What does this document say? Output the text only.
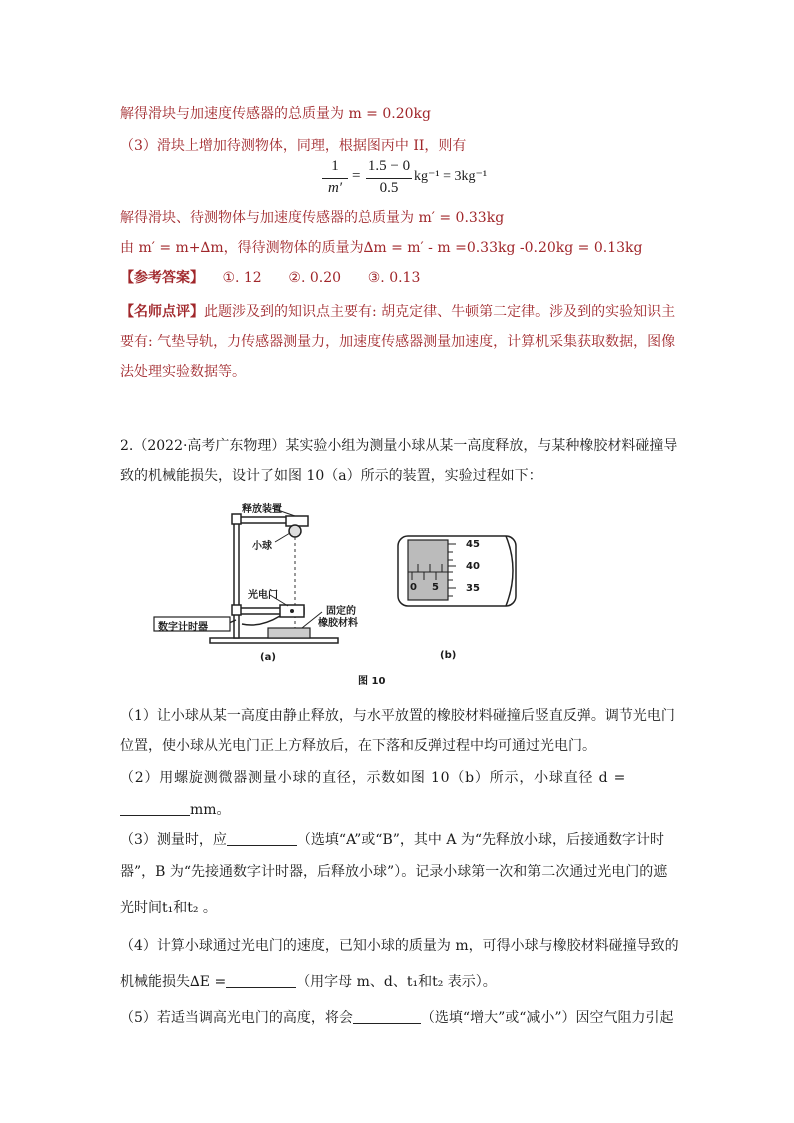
解得滑块与加速度传感器的总质量为 m = 0.20kg
（3）滑块上增加待测物体，同理，根据图丙中 II，则有
1
m′
=
1.5 − 0
0.5
kg⁻¹ = 3kg⁻¹
解得滑块、待测物体与加速度传感器的总质量为 m′ = 0.33kg
由 m′ = m+∆m，得待测物体的质量为∆m = m′ - m =0.33kg -0.20kg = 0.13kg
【参考答案】 ①. 12      ②. 0.20      ③. 0.13
【名师点评】此题涉及到的知识点主要有: 胡克定律、牛顿第二定律。涉及到的实验知识主
要有: 气垫导轨，力传感器测量力，加速度传感器测量加速度，计算机采集获取数据，图像
法处理实验数据等。
2.（2022·高考广东物理）某实验小组为测量小球从某一高度释放，与某种橡胶材料碰撞导
致的机械能损失，设计了如图 10（a）所示的装置，实验过程如下：
释放装置
小球
光电门
数字计时器
固定的
橡胶材料
(a)	(b)
图 10
45
40
35
0 5
（1）让小球从某一高度由静止释放，与水平放置的橡胶材料碰撞后竖直反弹。调节光电门
位置，使小球从光电门正上方释放后，在下落和反弹过程中均可通过光电门。
（2）用螺旋测微器测量小球的直径，示数如图 10（b）所示，小球直径 d =
mm。
（3）测量时，应	（选填“A”或“B”，其中 A 为“先释放小球，后接通数字计时
器”，B 为“先接通数字计时器，后释放小球”）。记录小球第一次和第二次通过光电门的遮
光时间t₁和t₂ 。
（4）计算小球通过光电门的速度，已知小球的质量为 m，可得小球与橡胶材料碰撞导致的
机械能损失∆E =	（用字母 m、d、t₁和t₂ 表示）。
（5）若适当调高光电门的高度，将会	（选填“增大”或“减小”）因空气阻力引起
